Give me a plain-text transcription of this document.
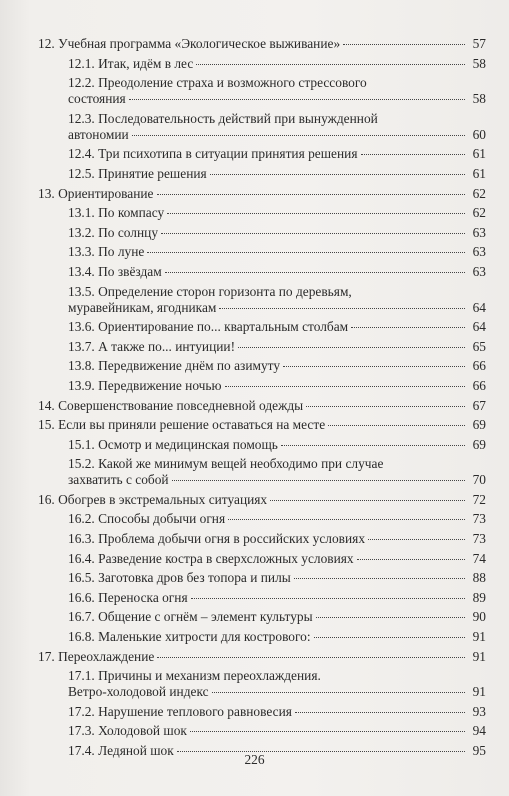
12. Учебная программа «Экологическое выживание»	57
12.1. Итак, идём в лес	58
12.2. Преодоление страха и возможного стрессового
состояния	58
12.3. Последовательность действий при вынужденной
автономии	60
12.4. Три психотипа в ситуации принятия решения	61
12.5. Принятие решения	61
13. Ориентирование	62
13.1. По компасу	62
13.2. По солнцу	63
13.3. По луне	63
13.4. По звёздам	63
13.5. Определение сторон горизонта по деревьям,
муравейникам, ягодникам	64
13.6. Ориентирование по... квартальным столбам	64
13.7. А также по... интуиции!	65
13.8. Передвижение днём по азимуту	66
13.9. Передвижение ночью	66
14. Совершенствование повседневной одежды	67
15. Если вы приняли решение оставаться на месте	69
15.1. Осмотр и медицинская помощь	69
15.2. Какой же минимум вещей необходимо при случае
захватить с собой	70
16. Обогрев в экстремальных ситуациях	72
16.2. Способы добычи огня	73
16.3. Проблема добычи огня в российских условиях	73
16.4. Разведение костра в сверхсложных условиях	74
16.5. Заготовка дров без топора и пилы	88
16.6. Переноска огня	89
16.7. Общение с огнём – элемент культуры	90
16.8. Маленькие хитрости для кострового:	91
17. Переохлаждение	91
17.1. Причины и механизм переохлаждения.
Ветро-холодовой индекс	91
17.2. Нарушение теплового равновесия	93
17.3. Холодовой шок	94
17.4. Ледяной шок	95
226
